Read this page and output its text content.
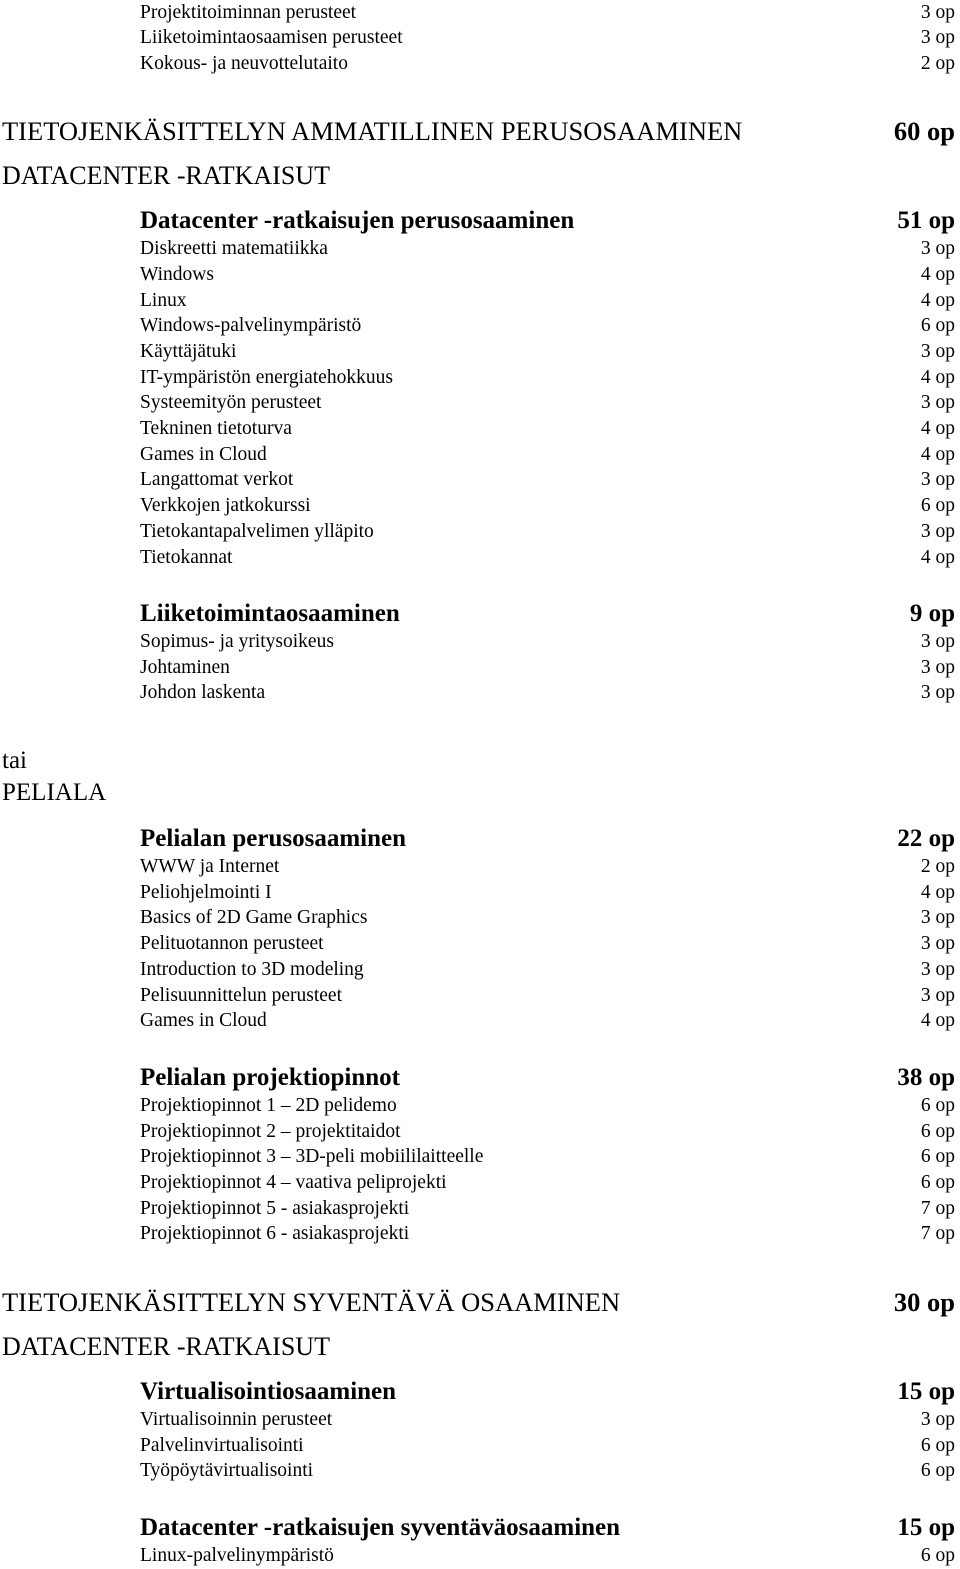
Projektitoiminnan perusteet	3 op
Liiketoimintaosaamisen perusteet	3 op
Kokous- ja neuvottelutaito	2 op
TIETOJENKÄSITTELYN AMMATILLINEN PERUSOSAAMINEN	60 op
DATACENTER -RATKAISUT
Datacenter -ratkaisujen perusosaaminen	51 op
Diskreetti matematiikka	3 op
Windows	4 op
Linux	4 op
Windows-palvelinympäristö	6 op
Käyttäjätuki	3 op
IT-ympäristön energiatehokkuus	4 op
Systeemityön perusteet	3 op
Tekninen tietoturva	4 op
Games in Cloud	4 op
Langattomat verkot	3 op
Verkkojen jatkokurssi	6 op
Tietokantapalvelimen ylläpito	3 op
Tietokannat	4 op
Liiketoimintaosaaminen	9 op
Sopimus- ja yritysoikeus	3 op
Johtaminen	3 op
Johdon laskenta	3 op
tai
PELIALA
Pelialan perusosaaminen	22 op
WWW ja Internet	2 op
Peliohjelmointi I	4 op
Basics of 2D Game Graphics	3 op
Pelituotannon perusteet	3 op
Introduction to 3D modeling	3 op
Pelisuunnittelun perusteet	3 op
Games in Cloud	4 op
Pelialan projektiopinnot	38 op
Projektiopinnot 1 – 2D pelidemo	6 op
Projektiopinnot 2 – projektitaidot	6 op
Projektiopinnot 3 – 3D-peli mobiililaitteelle	6 op
Projektiopinnot 4 – vaativa peliprojekti	6 op
Projektiopinnot 5 - asiakasprojekti	7 op
Projektiopinnot 6 - asiakasprojekti	7 op
TIETOJENKÄSITTELYN SYVENTÄVÄ OSAAMINEN	30 op
DATACENTER -RATKAISUT
Virtualisointiosaaminen	15 op
Virtualisoinnin perusteet	3 op
Palvelinvirtualisointi	6 op
Työpöytävirtualisointi	6 op
Datacenter -ratkaisujen syventäväosaaminen	15 op
Linux-palvelinympäristö	6 op
